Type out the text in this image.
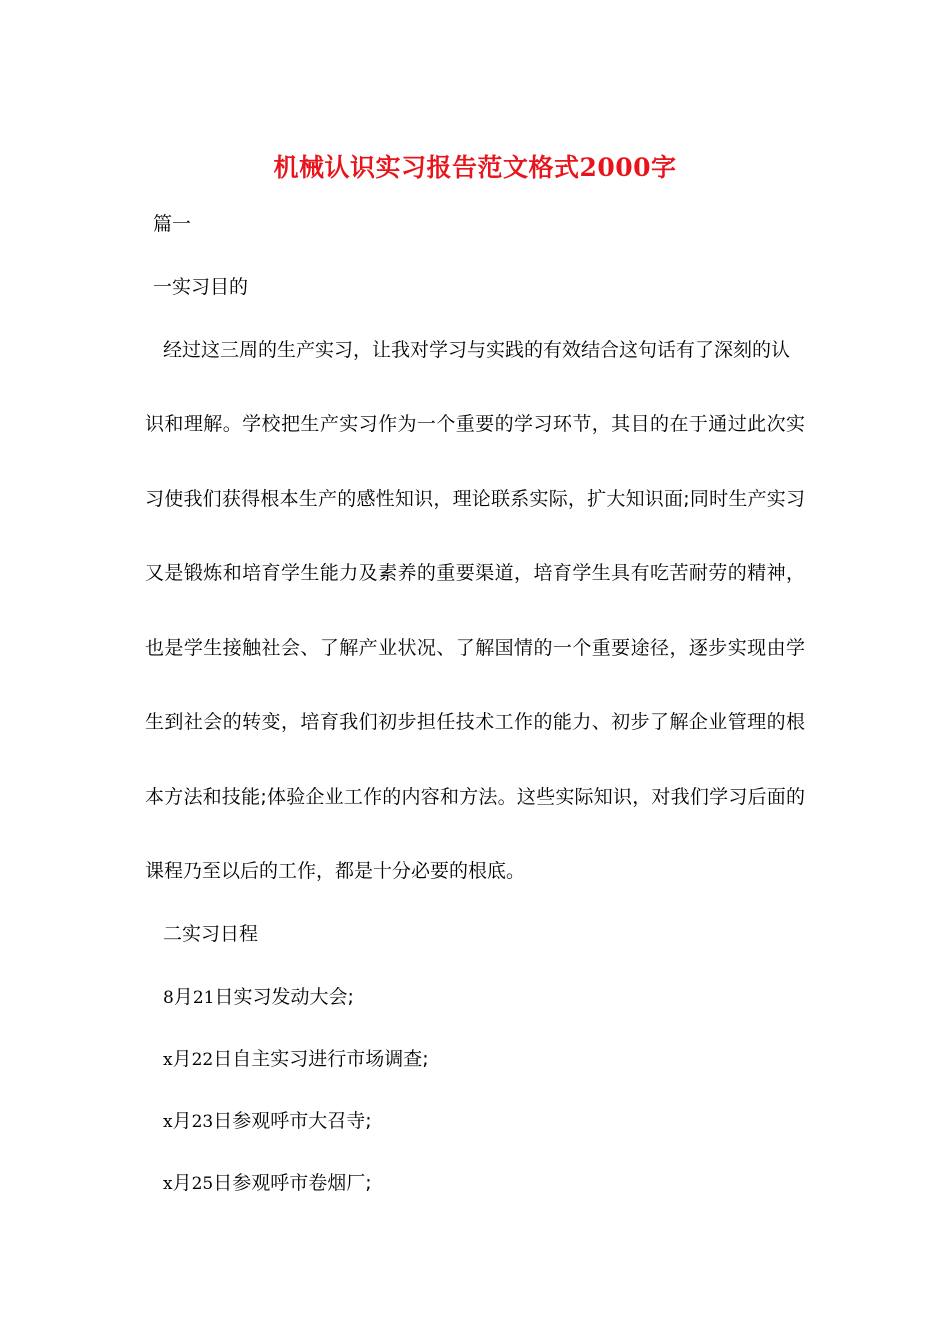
机械认识实习报告范文格式2000字
篇一
一实习目的
经过这三周的生产实习，让我对学习与实践的有效结合这句话有了深刻的认
识和理解。学校把生产实习作为一个重要的学习环节，其目的在于通过此次实
习使我们获得根本生产的感性知识，理论联系实际，扩大知识面;同时生产实习
又是锻炼和培育学生能力及素养的重要渠道，培育学生具有吃苦耐劳的精神，
也是学生接触社会、了解产业状况、了解国情的一个重要途径，逐步实现由学
生到社会的转变，培育我们初步担任技术工作的能力、初步了解企业管理的根
本方法和技能;体验企业工作的内容和方法。这些实际知识，对我们学习后面的
课程乃至以后的工作，都是十分必要的根底。
二实习日程
8月21日实习发动大会;
x月22日自主实习进行市场调查;
x月23日参观呼市大召寺;
x月25日参观呼市卷烟厂;
